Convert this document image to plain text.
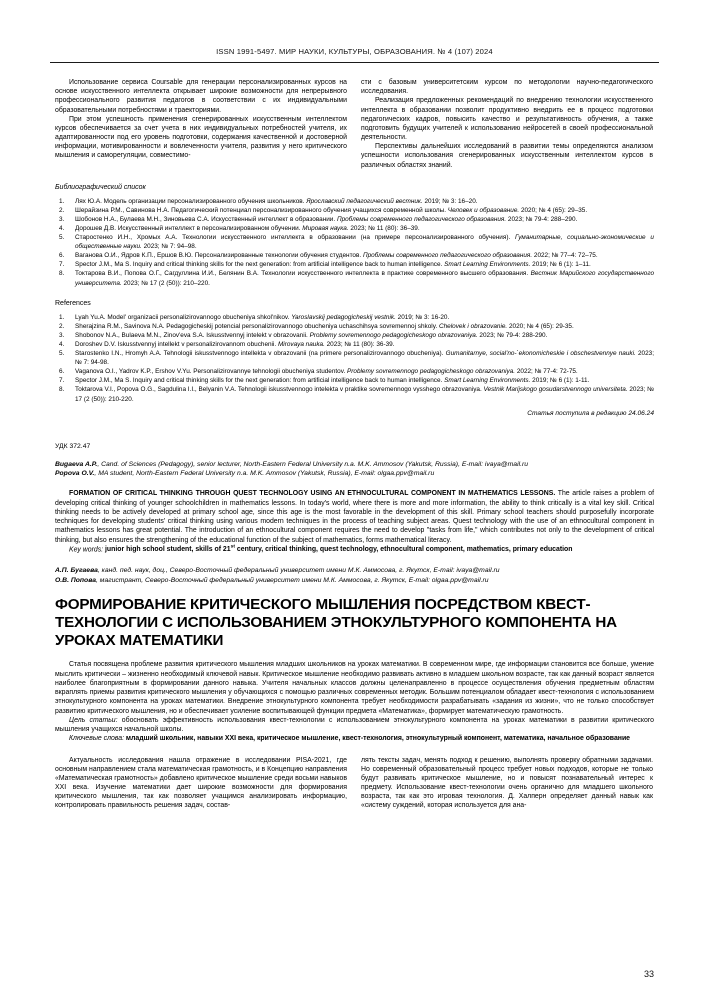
ISSN 1991-5497. МИР НАУКИ, КУЛЬТУРЫ, ОБРАЗОВАНИЯ. № 4 (107) 2024

Использование сервиса Coursable для генерации персонализированных курсов на основе искусственного интеллекта открывает широкие возможности для непрерывного профессионального развития педагогов в соответствии с их индивидуальными образовательными потребностями и траекториями.

При этом успешность применения сгенерированных искусственным интеллектом курсов обеспечивается за счет учета в них индивидуальных потребностей учителя, их адаптированности под его уровень подготовки, содержания качественной и достоверной информации, мотивированности и вовлеченности учителя, развития у него критического мышления и саморегуляции, совместимо-

сти с базовым университетским курсом по методологии научно-педагогического исследования.

Реализация предложенных рекомендаций по внедрению технологии искусственного интеллекта в образовании позволит продуктивно внедрить ее в процесс подготовки педагогических кадров, повысить качество и результативность обучения, а также подготовить будущих учителей к использованию нейросетей в своей профессиональной деятельности.

Перспективы дальнейших исследований в развитии темы определяются анализом успешности использования сгенерированных искусственным интеллектом курсов в различных областях знаний.

Библиографический список

Лях Ю.А. Модель организации персонализированного обучения школьников. Ярославский педагогический вестник. 2019; № 3: 16–20.
Шерайзина Р.М., Савинова Н.А. Педагогический потенциал персонализированного обучения учащихся современной школы. Человек и образование. 2020; № 4 (65): 29–35.
Шобонов Н.А., Булаева М.Н., Зиновьева С.А. Искусственный интеллект в образовании. Проблемы современного педагогического образования. 2023; № 79-4: 288–290.
Дорошев Д.В. Искусственный интеллект в персонализированном обучении. Мировая наука. 2023; № 11 (80): 36–39.
Старостенко И.Н., Хромых А.А. Технологии искусственного интеллекта в образовании (на примере персонализированного обучения). Гуманитарные, социально-экономические и общественные науки. 2023; № 7: 94–98.
Ваганова О.И., Ядров К.П., Ершов В.Ю. Персонализированные технологии обучения студентов. Проблемы современного педагогического образования. 2022; № 77–4: 72–75.
Spector J.M., Ma S. Inquiry and critical thinking skills for the next generation: from artificial intelligence back to human intelligence. Smart Learning Environments. 2019; № 6 (1): 1–11.
Токтарова В.И., Попова О.Г., Сагдуллина И.И., Белянин В.А. Технологии искусственного интеллекта в практике современного высшего образования. Вестник Марийского государственного университета. 2023; № 17 (2 (50)): 210–220.

References

Lyah Yu.A. Model' organizacii personalizirovannogo obucheniya shkol'nikov. Yaroslavskij pedagogicheskij vestnik. 2019; № 3: 16-20.
Sherajzina R.M., Savinova N.A. Pedagogicheskij potencial personalizirovannogo obucheniya uchaschihsya sovremennoj shkoly. Chelovek i obrazovanie. 2020; № 4 (65): 29-35.
Shobonov N.A., Bulaeva M.N., Zinov'eva S.A. Iskusstvennyj intelekt v obrazovanii. Problemy sovremennogo pedagogicheskogo obrazovaniya. 2023; № 79-4: 288-290.
Doroshev D.V. Iskusstvennyj intellekt v personalizirovannom obuchenii. Mirovaya nauka. 2023; № 11 (80): 36-39.
Starostenko I.N., Hromyh A.A. Tehnologii iskusstvennogo intellekta v obrazovanii (na primere personalizirovannogo obucheniya). Gumanitarnye, social'no-`ekonomicheskie i obschestvennye nauki. 2023; № 7: 94-98.
Vaganova O.I., Yadrov K.P., Ershov V.Yu. Personalizirovannye tehnologii obucheniya studentov. Problemy sovremennogo pedagogicheskogo obrazovaniya. 2022; № 77-4: 72-75.
Spector J.M., Ma S. Inquiry and critical thinking skills for the next generation: from artificial intelligence back to human intelligence. Smart Learning Environments. 2019; № 6 (1): 1-11.
Toktarova V.I., Popova O.G., Sagdulina I.I., Belyanin V.A. Tehnologii iskusstvennogo intelekta v praktike sovremennogo vysshego obrazovaniya. Vestnik Marijskogo gosudarstvennogo universiteta. 2023; № 17 (2 (50)): 210-220.

Статья поступила в редакцию 24.06.24

УДК 372.47

Bugaeva A.P., Cand. of Sciences (Pedagogy), senior lecturer, North-Eastern Federal University n.a. M.K. Ammosov (Yakutsk, Russia), E-mail: ivaya@mail.ru

Popova O.V., MA student, North-Eastern Federal University n.a. M.K. Ammosov (Yakutsk, Russia), E-mail: olgaa.ppv@mail.ru

FORMATION OF CRITICAL THINKING THROUGH QUEST TECHNOLOGY USING AN ETHNOCULTURAL COMPONENT IN MATHEMATICS LESSONS. The article raises a problem of developing critical thinking of younger schoolchildren in mathematics lessons. In today's world, where there is more and more information, the ability to think critically is a vital key skill. Critical thinking needs to be actively developed at primary school age, since this age is the most favorable in the development of this skill. Primary school teachers should purposefully incorporate techniques for developing students' critical thinking using various modern techniques in the process of teaching subject areas. Quest technology with the use of an ethnocultural component in mathematics lessons has great potential. The introduction of an ethnocultural component requires the need to develop "tasks from life," which contributes not only to the development of critical thinking, but also ensures the strengthening of the educational function of the subject of mathematics, forms mathematical literacy.

Key words: junior high school student, skills of 21st century, critical thinking, quest technology, ethnocultural component, mathematics, primary education

А.П. Бугаева, канд. пед. наук, доц., Северо-Восточный федеральный университет имени М.К. Аммосова, г. Якутск, E-mail: ivaya@mail.ru

О.В. Попова, магистрант, Северо-Восточный федеральный университет имени М.К. Аммосова, г. Якутск, E-mail: olgaa.ppv@mail.ru

ФОРМИРОВАНИЕ КРИТИЧЕСКОГО МЫШЛЕНИЯ ПОСРЕДСТВОМ КВЕСТ-ТЕХНОЛОГИИ С ИСПОЛЬЗОВАНИЕМ ЭТНОКУЛЬТУРНОГО КОМПОНЕНТА НА УРОКАХ МАТЕМАТИКИ

Статья посвящена проблеме развития критического мышления младших школьников на уроках математики. В современном мире, где информации становится все больше, умение мыслить критически – жизненно необходимый ключевой навык. Критическое мышление необходимо развивать активно в младшем школьном возрасте, так как данный возраст является наиболее благоприятным в формировании данного навыка. Учителя начальных классов должны целенаправленно в процессе осуществления обучения предметным областям вкраплять приемы развития критического мышления у обучающихся с помощью различных современных методик. Большим потенциалом обладает квест-технология с использованием этнокультурного компонента на уроках математики. Внедрение этнокультурного компонента требует необходимости разрабатывать «задания из жизни», что не только способствует развитию критического мышления, но и обеспечивает усиление воспитывающей функции предмета «Математика», формирует математическую грамотность.

Цель статьи: обосновать эффективность использования квест-технологии с использованием этнокультурного компонента на уроках математики в развитии критического мышления учащихся начальной школы.

Ключевые слова: младший школьник, навыки XXI века, критическое мышление, квест-технология, этнокультурный компонент, математика, начальное образование

Актуальность исследования нашла отражение в исследовании PISA-2021, где основным направлением стала математическая грамотность, и в Концепцию направления «Математическая грамотность» добавлено критическое мышление среди восьми навыков XXI века. Изучение математики дает широкие возможности для формирования критического мышления, так как позволяет учащимся анализировать информацию, контролировать правильность решения задач, состав-

лять тексты задач, менять подход к решению, выполнять проверку обратными задачами. Но современный образовательный процесс требует новых подходов, которые не только будут развивать критическое мышление, но и повысят познавательный интерес к предмету. Использование квест-технологии очень органично для младшего школьного возраста, так как это игровая технология. Д. Халперн определяет данный навык как «систему суждений, которая используется для ана-

33
